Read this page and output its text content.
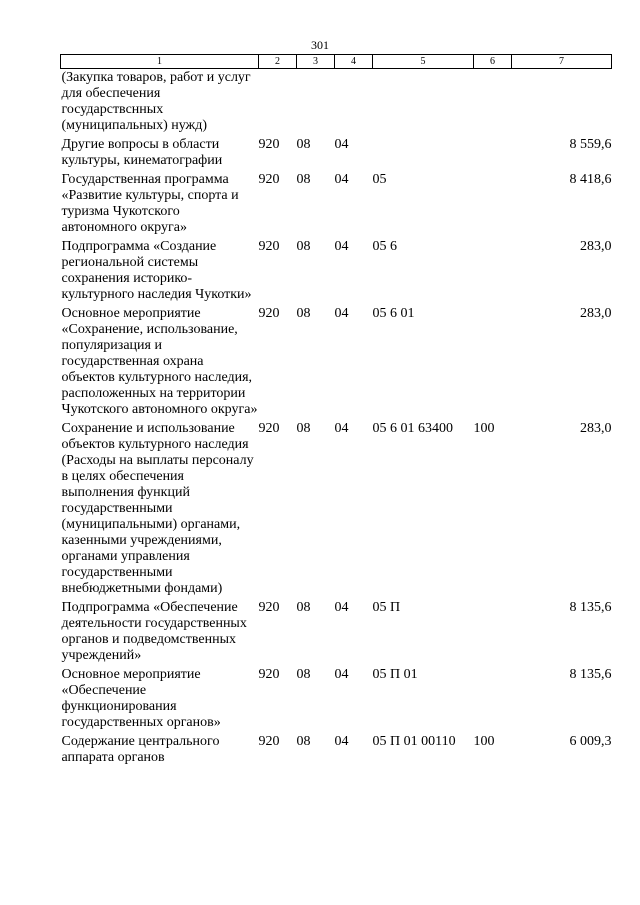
301
1	2	3	4	5	6	7
(Закупка товаров, работ и услуг для обеспечения государствснных (муниципальных) нужд)						
Другие вопросы в области культуры, кинематографии	920	08	04			8 559,6
Государственная программа «Развитие культуры, спорта и туризма Чукотского автономного округа»	920	08	04	05		8 418,6
Подпрограмма «Создание региональной системы сохранения историко-культурного наследия Чукотки»	920	08	04	05 6		283,0
Основное мероприятие «Сохранение, использование, популяризация и государственная охрана объектов культурного наследия, расположенных на территории Чукотского автономного округа»	920	08	04	05 6 01		283,0
Сохранение и использование объектов культурного наследия (Расходы на выплаты персоналу в целях обеспечения выполнения функций государственными (муниципальными) органами, казенными учреждениями, органами управления государственными внебюджетными фондами)	920	08	04	05 6 01 63400	100	283,0
Подпрограмма «Обеспечение деятельности государственных органов и подведомственных учреждений»	920	08	04	05 П		8 135,6
Основное мероприятие «Обеспечение функционирования государственных органов»	920	08	04	05 П 01		8 135,6
Содержание центрального аппарата органов	920	08	04	05 П 01 00110	100	6 009,3
